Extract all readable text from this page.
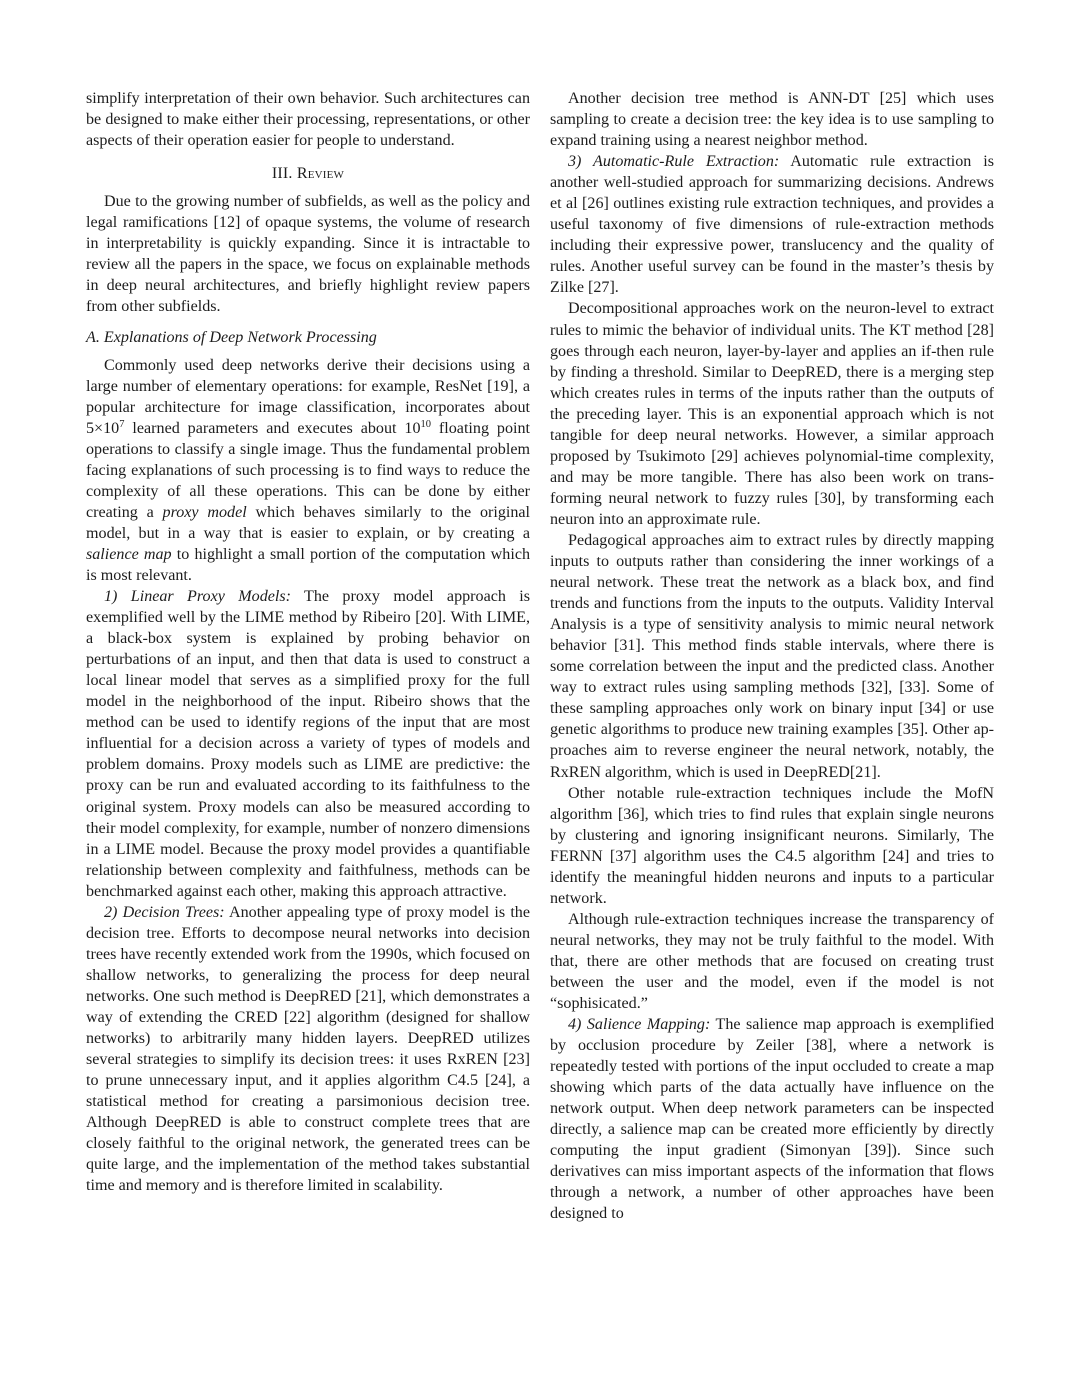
simplify interpretation of their own behavior. Such architectures can be designed to make either their processing, representations, or other aspects of their operation easier for people to understand.

III. Review

Due to the growing number of subfields, as well as the policy and legal ramifications [12] of opaque systems, the volume of research in interpretability is quickly expanding. Since it is intractable to review all the papers in the space, we focus on explainable methods in deep neural architectures, and briefly highlight review papers from other subfields.

A. Explanations of Deep Network Processing

Commonly used deep networks derive their decisions using a large number of elementary operations: for example, ResNet [19], a popular architecture for image classification, incorporates about $5\times 10^7$ learned parameters and executes about $10^{10}$ floating point operations to classify a single image. Thus the fundamental problem facing explanations of such processing is to find ways to reduce the complexity of all these operations. This can be done by either creating a proxy model which behaves similarly to the original model, but in a way that is easier to explain, or by creating a salience map to highlight a small portion of the computation which is most relevant.

1) Linear Proxy Models: The proxy model approach is exemplified well by the LIME method by Ribeiro [20]. With LIME, a black-box system is explained by probing behavior on perturbations of an input, and then that data is used to construct a local linear model that serves as a simplified proxy for the full model in the neighborhood of the input. Ribeiro shows that the method can be used to identify regions of the input that are most influential for a decision across a variety of types of models and problem domains. Proxy models such as LIME are predictive: the proxy can be run and evaluated according to its faithfulness to the original system. Proxy models can also be measured according to their model complexity, for example, number of nonzero dimensions in a LIME model. Because the proxy model provides a quantifiable relationship between complexity and faithfulness, methods can be benchmarked against each other, making this approach attractive.

2) Decision Trees: Another appealing type of proxy model is the decision tree. Efforts to decompose neural networks into decision trees have recently extended work from the 1990s, which focused on shallow networks, to generalizing the process for deep neural networks. One such method is DeepRED [21], which demonstrates a way of extending the CRED [22] algorithm (designed for shallow networks) to arbitrarily many hidden layers. DeepRED utilizes several strategies to simplify its decision trees: it uses RxREN [23] to prune unnecessary input, and it applies algorithm C4.5 [24], a statistical method for creating a parsimonious decision tree. Although DeepRED is able to construct complete trees that are closely faithful to the original network, the generated trees can be quite large, and the implementation of the method takes substantial time and memory and is therefore limited in scalability.

Another decision tree method is ANN-DT [25] which uses sampling to create a decision tree: the key idea is to use sampling to expand training using a nearest neighbor method.

3) Automatic-Rule Extraction: Automatic rule extraction is another well-studied approach for summarizing decisions. Andrews et al [26] outlines existing rule extraction techniques, and provides a useful taxonomy of five dimensions of rule-extraction methods including their expressive power, translucency and the quality of rules. Another useful survey can be found in the master’s thesis by Zilke [27].

Decompositional approaches work on the neuron-level to extract rules to mimic the behavior of individual units. The KT method [28] goes through each neuron, layer-by-layer and applies an if-then rule by finding a threshold. Similar to DeepRED, there is a merging step which creates rules in terms of the inputs rather than the outputs of the preceding layer. This is an exponential approach which is not tangible for deep neural networks. However, a similar approach proposed by Tsukimoto [29] achieves polynomial-time complexity, and may be more tangible. There has also been work on transforming neural network to fuzzy rules [30], by transforming each neuron into an approximate rule.

Pedagogical approaches aim to extract rules by directly mapping inputs to outputs rather than considering the inner workings of a neural network. These treat the network as a black box, and find trends and functions from the inputs to the outputs. Validity Interval Analysis is a type of sensitivity analysis to mimic neural network behavior [31]. This method finds stable intervals, where there is some correlation between the input and the predicted class. Another way to extract rules using sampling methods [32], [33]. Some of these sampling approaches only work on binary input [34] or use genetic algorithms to produce new training examples [35]. Other approaches aim to reverse engineer the neural network, notably, the RxREN algorithm, which is used in DeepRED[21].

Other notable rule-extraction techniques include the MofN algorithm [36], which tries to find rules that explain single neurons by clustering and ignoring insignificant neurons. Similarly, The FERNN [37] algorithm uses the C4.5 algorithm [24] and tries to identify the meaningful hidden neurons and inputs to a particular network.

Although rule-extraction techniques increase the transparency of neural networks, they may not be truly faithful to the model. With that, there are other methods that are focused on creating trust between the user and the model, even if the model is not “sophisicated.”

4) Salience Mapping: The salience map approach is exemplified by occlusion procedure by Zeiler [38], where a network is repeatedly tested with portions of the input occluded to create a map showing which parts of the data actually have influence on the network output. When deep network parameters can be inspected directly, a salience map can be created more efficiently by directly computing the input gradient (Simonyan [39]). Since such derivatives can miss important aspects of the information that flows through a network, a number of other approaches have been designed to
